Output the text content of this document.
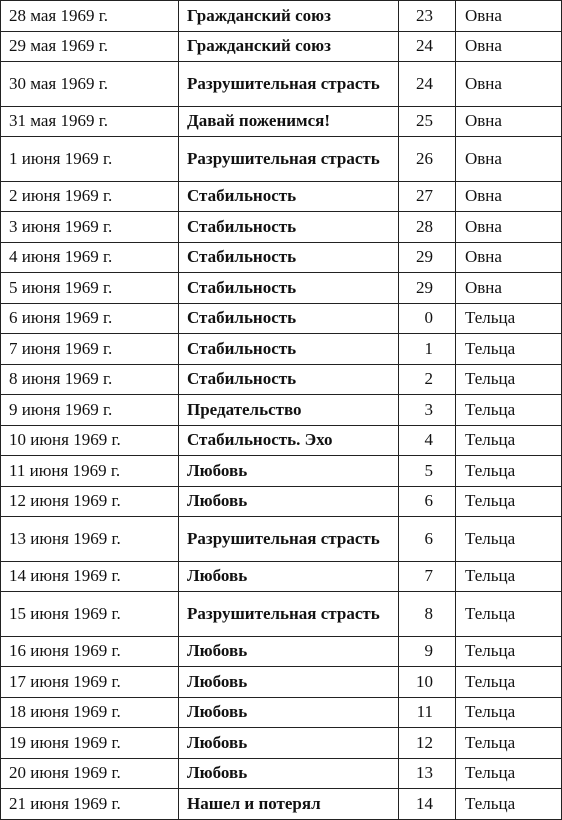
28 мая 1969 г.	Гражданский союз	23	Овна
29 мая 1969 г.	Гражданский союз	24	Овна
30 мая 1969 г.	Разрушительная страсть	24	Овна
31 мая 1969 г.	Давай поженимся!	25	Овна
1 июня 1969 г.	Разрушительная страсть	26	Овна
2 июня 1969 г.	Стабильность	27	Овна
3 июня 1969 г.	Стабильность	28	Овна
4 июня 1969 г.	Стабильность	29	Овна
5 июня 1969 г.	Стабильность	29	Овна
6 июня 1969 г.	Стабильность	0	Тельца
7 июня 1969 г.	Стабильность	1	Тельца
8 июня 1969 г.	Стабильность	2	Тельца
9 июня 1969 г.	Предательство	3	Тельца
10 июня 1969 г.	Стабильность. Эхо	4	Тельца
11 июня 1969 г.	Любовь	5	Тельца
12 июня 1969 г.	Любовь	6	Тельца
13 июня 1969 г.	Разрушительная страсть	6	Тельца
14 июня 1969 г.	Любовь	7	Тельца
15 июня 1969 г.	Разрушительная страсть	8	Тельца
16 июня 1969 г.	Любовь	9	Тельца
17 июня 1969 г.	Любовь	10	Тельца
18 июня 1969 г.	Любовь	11	Тельца
19 июня 1969 г.	Любовь	12	Тельца
20 июня 1969 г.	Любовь	13	Тельца
21 июня 1969 г.	Нашел и потерял	14	Тельца
